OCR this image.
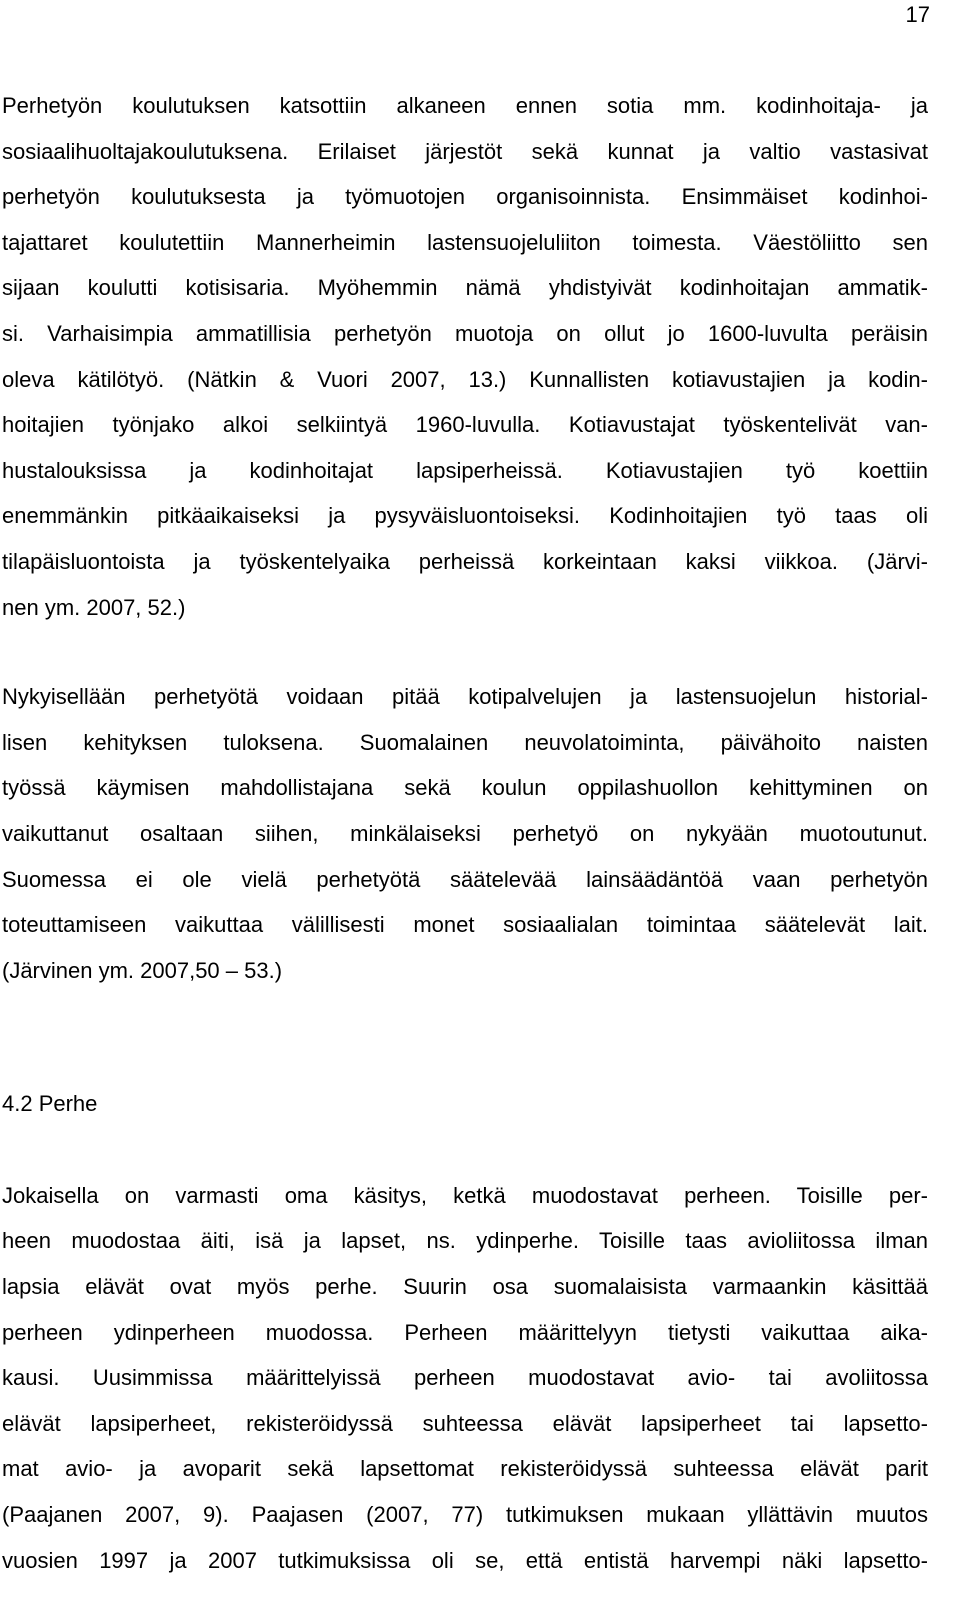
17
Perhetyön koulutuksen katsottiin alkaneen ennen sotia mm. kodinhoitaja- ja
sosiaalihuoltajakoulutuksena. Erilaiset järjestöt sekä kunnat ja valtio vastasivat
perhetyön koulutuksesta ja työmuotojen organisoinnista. Ensimmäiset kodinhoi-
tajattaret koulutettiin Mannerheimin lastensuojeluliiton toimesta. Väestöliitto sen
sijaan koulutti kotisisaria. Myöhemmin nämä yhdistyivät kodinhoitajan ammatik-
si. Varhaisimpia ammatillisia perhetyön muotoja on ollut jo 1600-luvulta peräisin
oleva kätilötyö. (Nätkin & Vuori 2007, 13.) Kunnallisten kotiavustajien ja kodin-
hoitajien työnjako alkoi selkiintyä 1960-luvulla. Kotiavustajat työskentelivät van-
hustalouksissa ja kodinhoitajat lapsiperheissä. Kotiavustajien työ koettiin
enemmänkin pitkäaikaiseksi ja pysyväisluontoiseksi. Kodinhoitajien työ taas oli
tilapäisluontoista ja työskentelyaika perheissä korkeintaan kaksi viikkoa. (Järvi-
nen ym. 2007, 52.)
Nykyisellään perhetyötä voidaan pitää kotipalvelujen ja lastensuojelun historial-
lisen kehityksen tuloksena. Suomalainen neuvolatoiminta, päivähoito naisten
työssä käymisen mahdollistajana sekä koulun oppilashuollon kehittyminen on
vaikuttanut osaltaan siihen, minkälaiseksi perhetyö on nykyään muotoutunut.
Suomessa ei ole vielä perhetyötä säätelevää lainsäädäntöä vaan perhetyön
toteuttamiseen vaikuttaa välillisesti monet sosiaalialan toimintaa säätelevät lait.
(Järvinen ym. 2007,50 – 53.)
4.2 Perhe
Jokaisella on varmasti oma käsitys, ketkä muodostavat perheen. Toisille per-
heen muodostaa äiti, isä ja lapset, ns. ydinperhe. Toisille taas avioliitossa ilman
lapsia elävät ovat myös perhe. Suurin osa suomalaisista varmaankin käsittää
perheen ydinperheen muodossa. Perheen määrittelyyn tietysti vaikuttaa aika-
kausi. Uusimmissa määrittelyissä perheen muodostavat avio- tai avoliitossa
elävät lapsiperheet, rekisteröidyssä suhteessa elävät lapsiperheet tai lapsetto-
mat avio- ja avoparit sekä lapsettomat rekisteröidyssä suhteessa elävät parit
(Paajanen 2007, 9). Paajasen (2007, 77) tutkimuksen mukaan yllättävin muutos
vuosien 1997 ja 2007 tutkimuksissa oli se, että entistä harvempi näki lapsetto-
